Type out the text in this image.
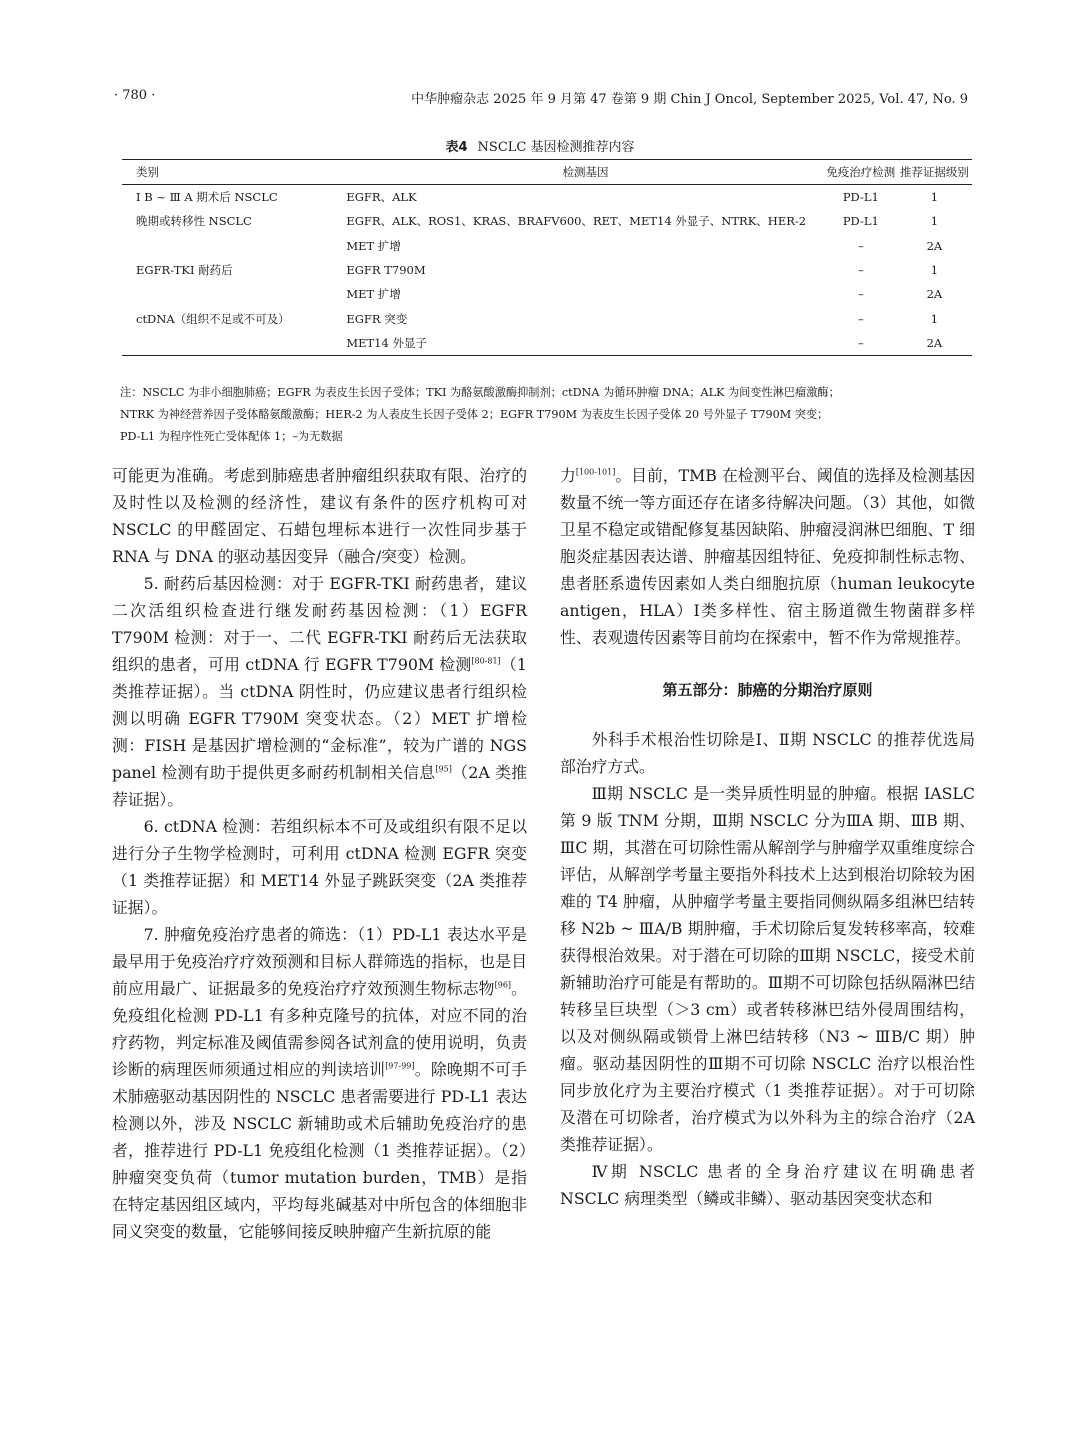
· 780 ·	中华肿瘤杂志 2025 年 9 月第 47 卷第 9 期 Chin J Oncol, September 2025, Vol. 47, No. 9
表4 NSCLC 基因检测推荐内容
类别	检测基因	免疫治疗检测	推荐证据级别
Ⅰ B ~ Ⅲ A 期术后 NSCLC	EGFR、ALK	PD-L1	1
晚期或转移性 NSCLC	EGFR、ALK、ROS1、KRAS、BRAFV600、RET、MET14 外显子、NTRK、HER-2	PD-L1	1
	MET 扩增	–	2A
EGFR-TKI 耐药后	EGFR T790M	–	1
	MET 扩增	–	2A
ctDNA（组织不足或不可及）	EGFR 突变	–	1
	MET14 外显子	–	2A

注：NSCLC 为非小细胞肺癌；EGFR 为表皮生长因子受体；TKI 为酪氨酸激酶抑制剂；ctDNA 为循环肿瘤 DNA；ALK 为间变性淋巴瘤激酶；

NTRK 为神经营养因子受体酪氨酸激酶；HER-2 为人表皮生长因子受体 2；EGFR T790M 为表皮生长因子受体 20 号外显子 T790M 突变；

PD-L1 为程序性死亡受体配体 1；–为无数据

可能更为准确。考虑到肺癌患者肿瘤组织获取有限、治疗的及时性以及检测的经济性，建议有条件的医疗机构可对 NSCLC 的甲醛固定、石蜡包埋标本进行一次性同步基于 RNA 与 DNA 的驱动基因变异（融合/突变）检测。

5. 耐药后基因检测：对于 EGFR-TKI 耐药患者，建议二次活组织检查进行继发耐药基因检测：（1）EGFR T790M 检测：对于一、二代 EGFR-TKI 耐药后无法获取组织的患者，可用 ctDNA 行 EGFR T790M 检测[80-81]（1 类推荐证据）。当 ctDNA 阴性时，仍应建议患者行组织检测以明确 EGFR T790M 突变状态。（2）MET 扩增检测：FISH 是基因扩增检测的“金标准”，较为广谱的 NGS panel 检测有助于提供更多耐药机制相关信息[95]（2A 类推荐证据）。

6. ctDNA 检测：若组织标本不可及或组织有限不足以进行分子生物学检测时，可利用 ctDNA 检测 EGFR 突变（1 类推荐证据）和 MET14 外显子跳跃突变（2A 类推荐证据）。

7. 肿瘤免疫治疗患者的筛选：（1）PD-L1 表达水平是最早用于免疫治疗疗效预测和目标人群筛选的指标，也是目前应用最广、证据最多的免疫治疗疗效预测生物标志物[96]。免疫组化检测 PD-L1 有多种克隆号的抗体，对应不同的治疗药物，判定标准及阈值需参阅各试剂盒的使用说明，负责诊断的病理医师须通过相应的判读培训[97-99]。除晚期不可手术肺癌驱动基因阴性的 NSCLC 患者需要进行 PD-L1 表达检测以外，涉及 NSCLC 新辅助或术后辅助免疫治疗的患者，推荐进行 PD-L1 免疫组化检测（1 类推荐证据）。（2）肿瘤突变负荷（tumor mutation burden，TMB）是指在特定基因组区域内，平均每兆碱基对中所包含的体细胞非同义突变的数量，它能够间接反映肿瘤产生新抗原的能

力[100-101]。目前，TMB 在检测平台、阈值的选择及检测基因数量不统一等方面还存在诸多待解决问题。（3）其他，如微卫星不稳定或错配修复基因缺陷、肿瘤浸润淋巴细胞、T 细胞炎症基因表达谱、肿瘤基因组特征、免疫抑制性标志物、患者胚系遗传因素如人类白细胞抗原（human leukocyte antigen，HLA）Ⅰ类多样性、宿主肠道微生物菌群多样性、表观遗传因素等目前均在探索中，暂不作为常规推荐。

第五部分：肺癌的分期治疗原则

外科手术根治性切除是Ⅰ、Ⅱ期 NSCLC 的推荐优选局部治疗方式。

Ⅲ期 NSCLC 是一类异质性明显的肿瘤。根据 IASLC 第 9 版 TNM 分期，Ⅲ期 NSCLC 分为ⅢA 期、ⅢB 期、ⅢC 期，其潜在可切除性需从解剖学与肿瘤学双重维度综合评估，从解剖学考量主要指外科技术上达到根治切除较为困难的 T4 肿瘤，从肿瘤学考量主要指同侧纵隔多组淋巴结转移 N2b ~ ⅢA/B 期肿瘤，手术切除后复发转移率高，较难获得根治效果。对于潜在可切除的Ⅲ期 NSCLC，接受术前新辅助治疗可能是有帮助的。Ⅲ期不可切除包括纵隔淋巴结转移呈巨块型（＞3 cm）或者转移淋巴结外侵周围结构，以及对侧纵隔或锁骨上淋巴结转移（N3 ~ ⅢB/C 期）肿瘤。驱动基因阴性的Ⅲ期不可切除 NSCLC 治疗以根治性同步放化疗为主要治疗模式（1 类推荐证据）。对于可切除及潜在可切除者，治疗模式为以外科为主的综合治疗（2A 类推荐证据）。

Ⅳ期 NSCLC 患者的全身治疗建议在明确患者 NSCLC 病理类型（鳞或非鳞）、驱动基因突变状态和
